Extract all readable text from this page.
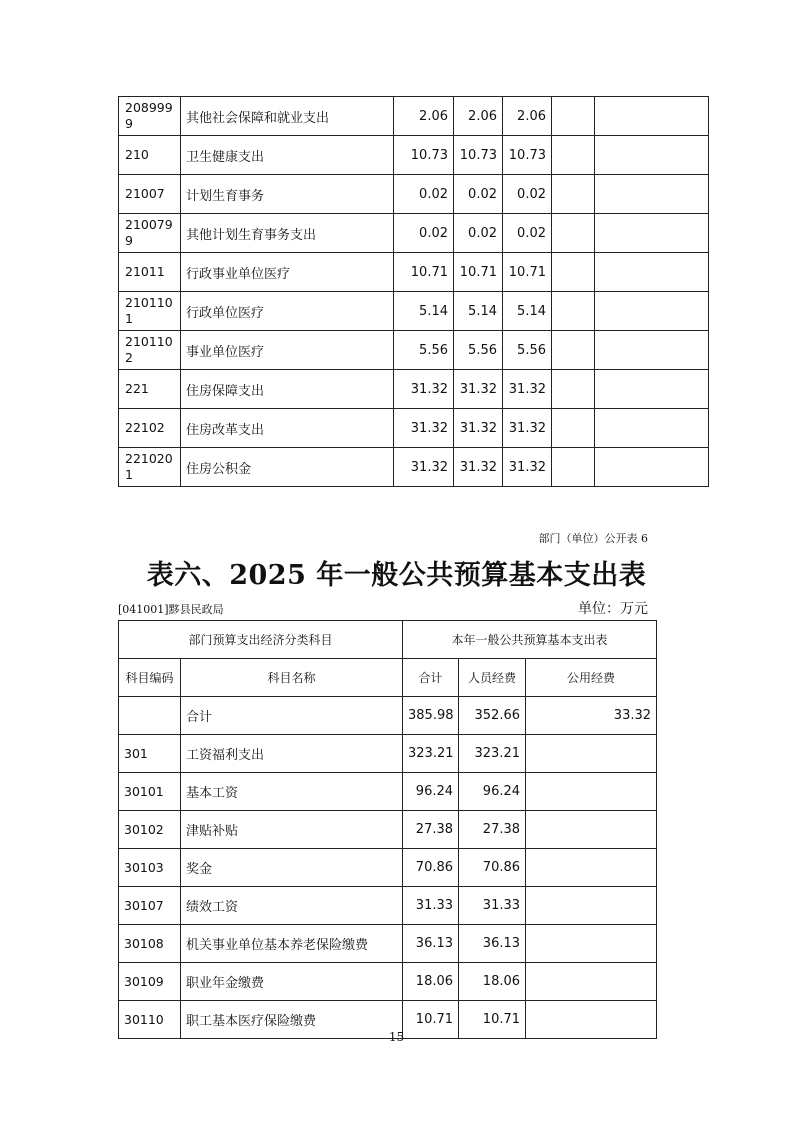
2089999	其他社会保障和就业支出	2.06	2.06	2.06		
210	卫生健康支出	10.73	10.73	10.73		
21007	计划生育事务	0.02	0.02	0.02		
2100799	其他计划生育事务支出	0.02	0.02	0.02		
21011	行政事业单位医疗	10.71	10.71	10.71		
2101101	行政单位医疗	5.14	5.14	5.14		
2101102	事业单位医疗	5.56	5.56	5.56		
221	住房保障支出	31.32	31.32	31.32		
22102	住房改革支出	31.32	31.32	31.32		
2210201	住房公积金	31.32	31.32	31.32		
部门（单位）公开表 6
表六、2025 年一般公共预算基本支出表
[041001]黟县民政局	单位：万元
部门预算支出经济分类科目		本年一般公共预算基本支出表		
科目编码	科目名称	合计	人员经费	公用经费
	合计	385.98	352.66	33.32
301	工资福利支出	323.21	323.21	
30101	基本工资	96.24	96.24	
30102	津贴补贴	27.38	27.38	
30103	奖金	70.86	70.86	
30107	绩效工资	31.33	31.33	
30108	机关事业单位基本养老保险缴费	36.13	36.13	
30109	职业年金缴费	18.06	18.06	
30110	职工基本医疗保险缴费	10.71	10.71	
15
